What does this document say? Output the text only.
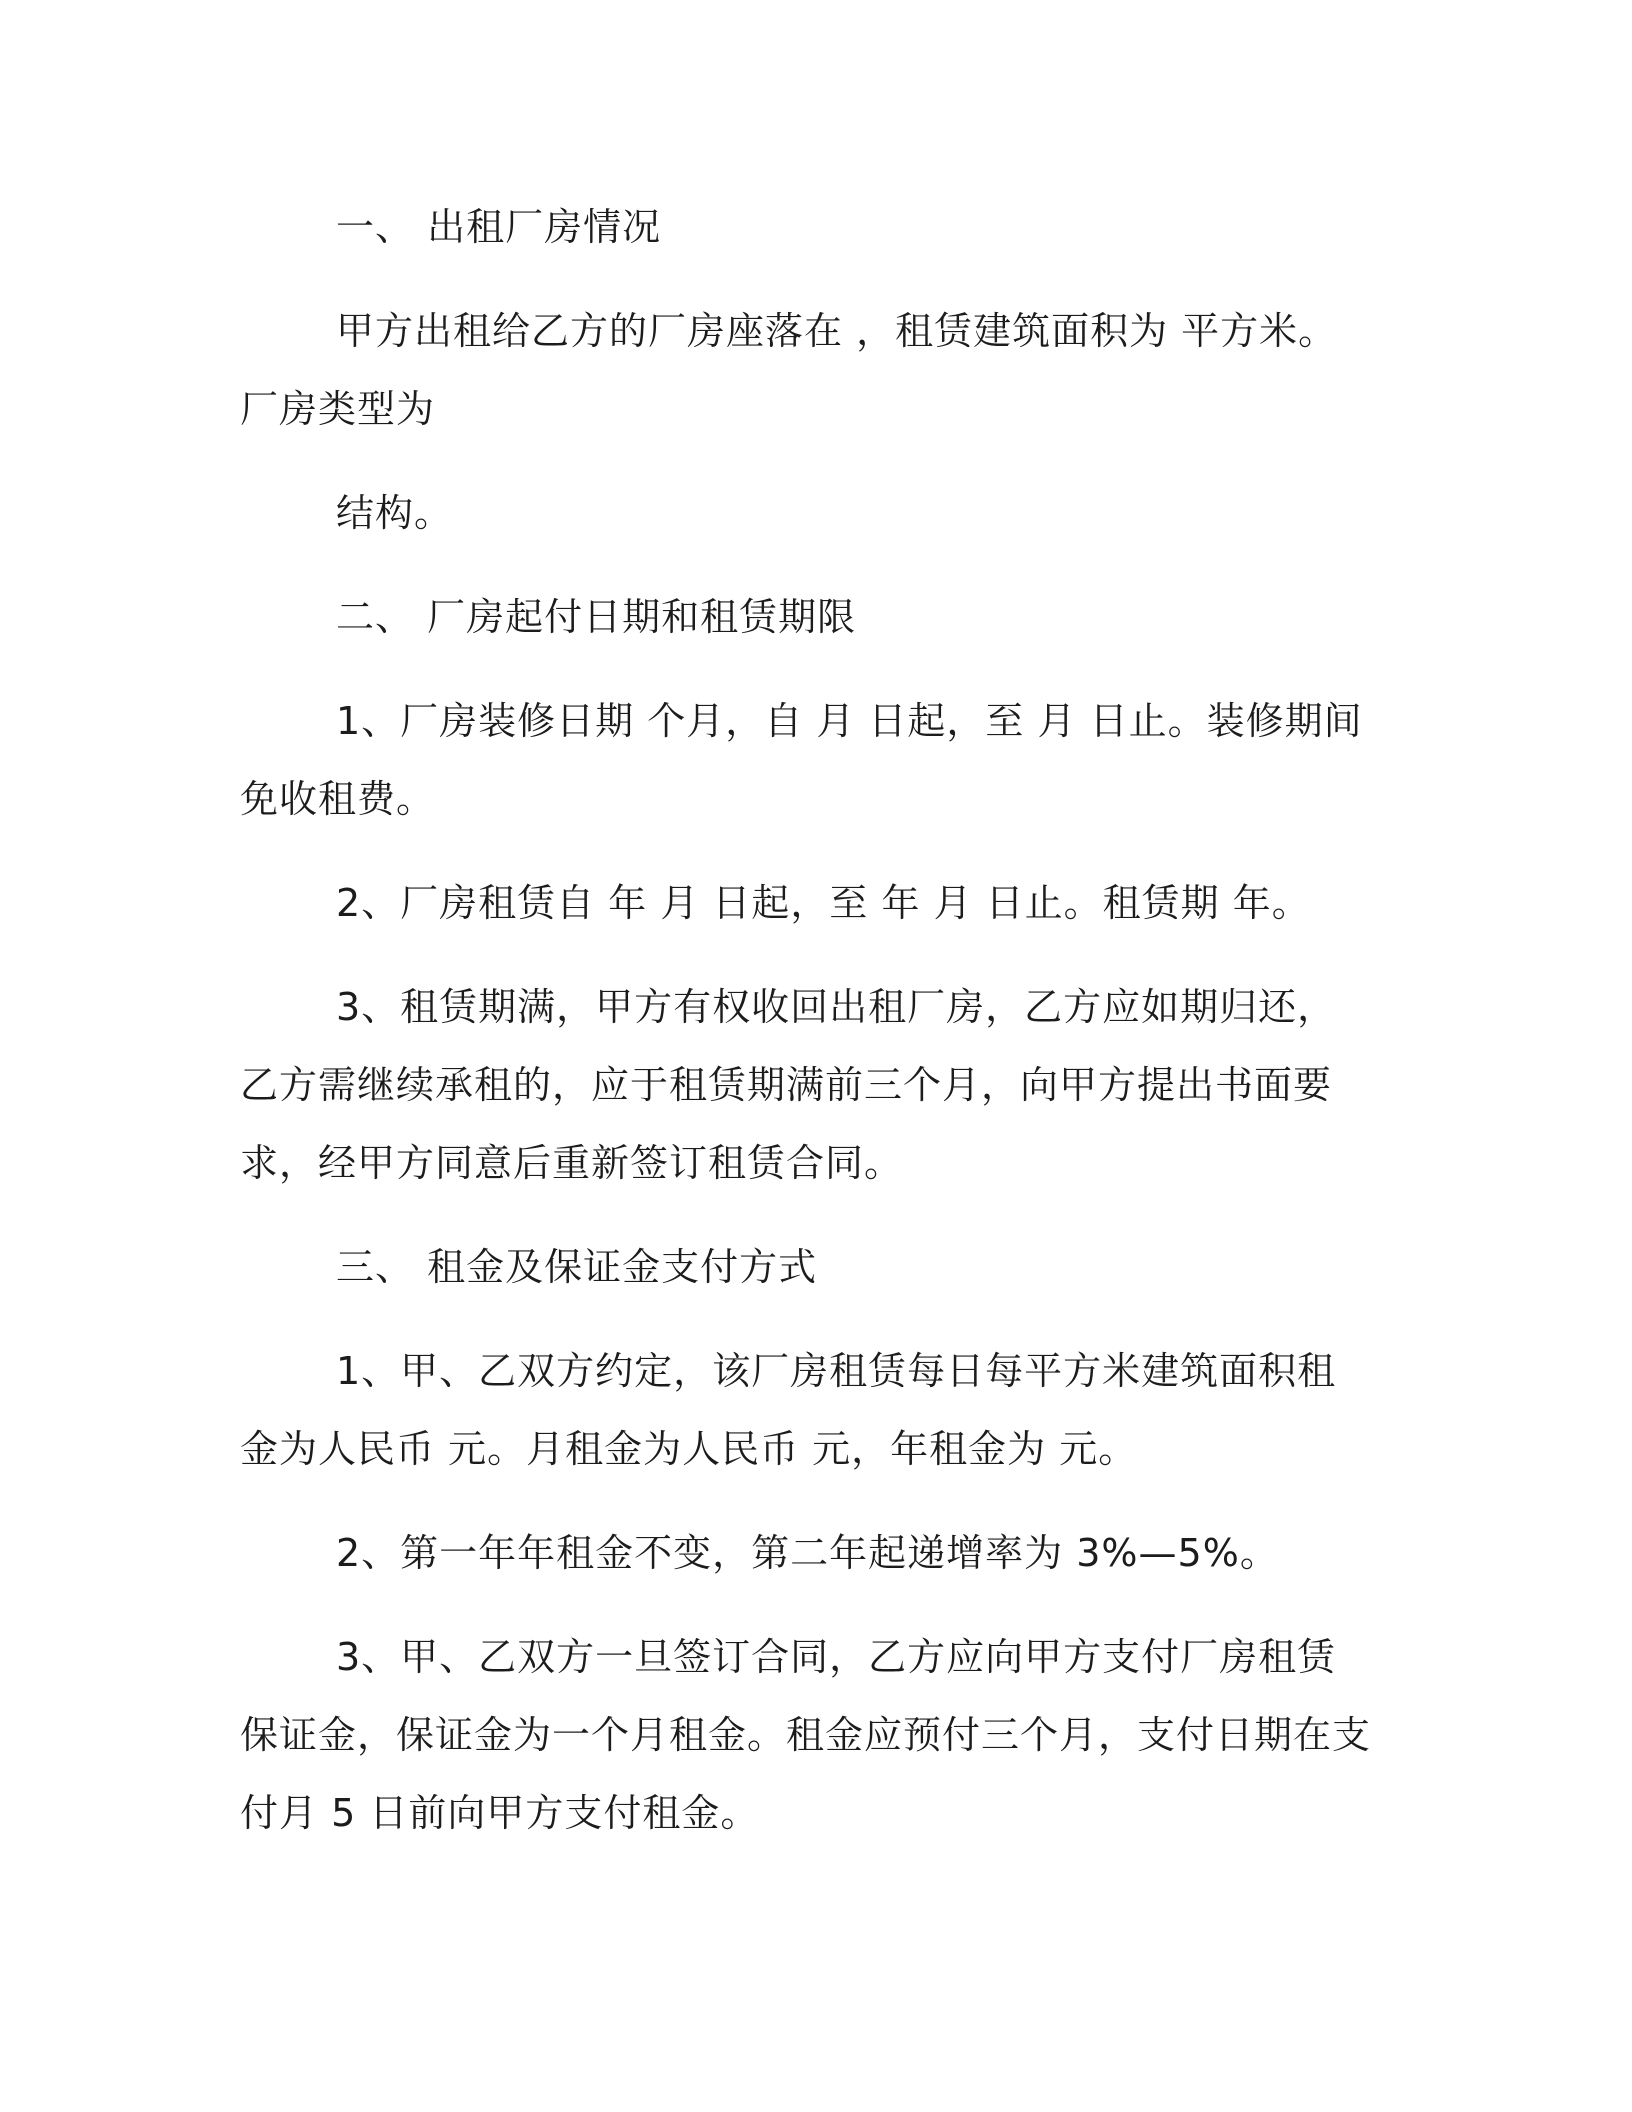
一、 出租厂房情况

甲方出租给乙方的厂房座落在 ，租赁建筑面积为 平方米。厂房类型为

结构。

二、 厂房起付日期和租赁期限

1、厂房装修日期 个月，自 月 日起，至 月 日止。装修期间免收租费。

2、厂房租赁自 年 月 日起，至 年 月 日止。租赁期 年。

3、租赁期满，甲方有权收回出租厂房，乙方应如期归还，乙方需继续承租的，应于租赁期满前三个月，向甲方提出书面要求，经甲方同意后重新签订租赁合同。

三、 租金及保证金支付方式

1、甲、乙双方约定，该厂房租赁每日每平方米建筑面积租金为人民币 元。月租金为人民币 元，年租金为 元。

2、第一年年租金不变，第二年起递增率为 3%—5%。

3、甲、乙双方一旦签订合同，乙方应向甲方支付厂房租赁保证金，保证金为一个月租金。租金应预付三个月，支付日期在支付月 5 日前向甲方支付租金。
